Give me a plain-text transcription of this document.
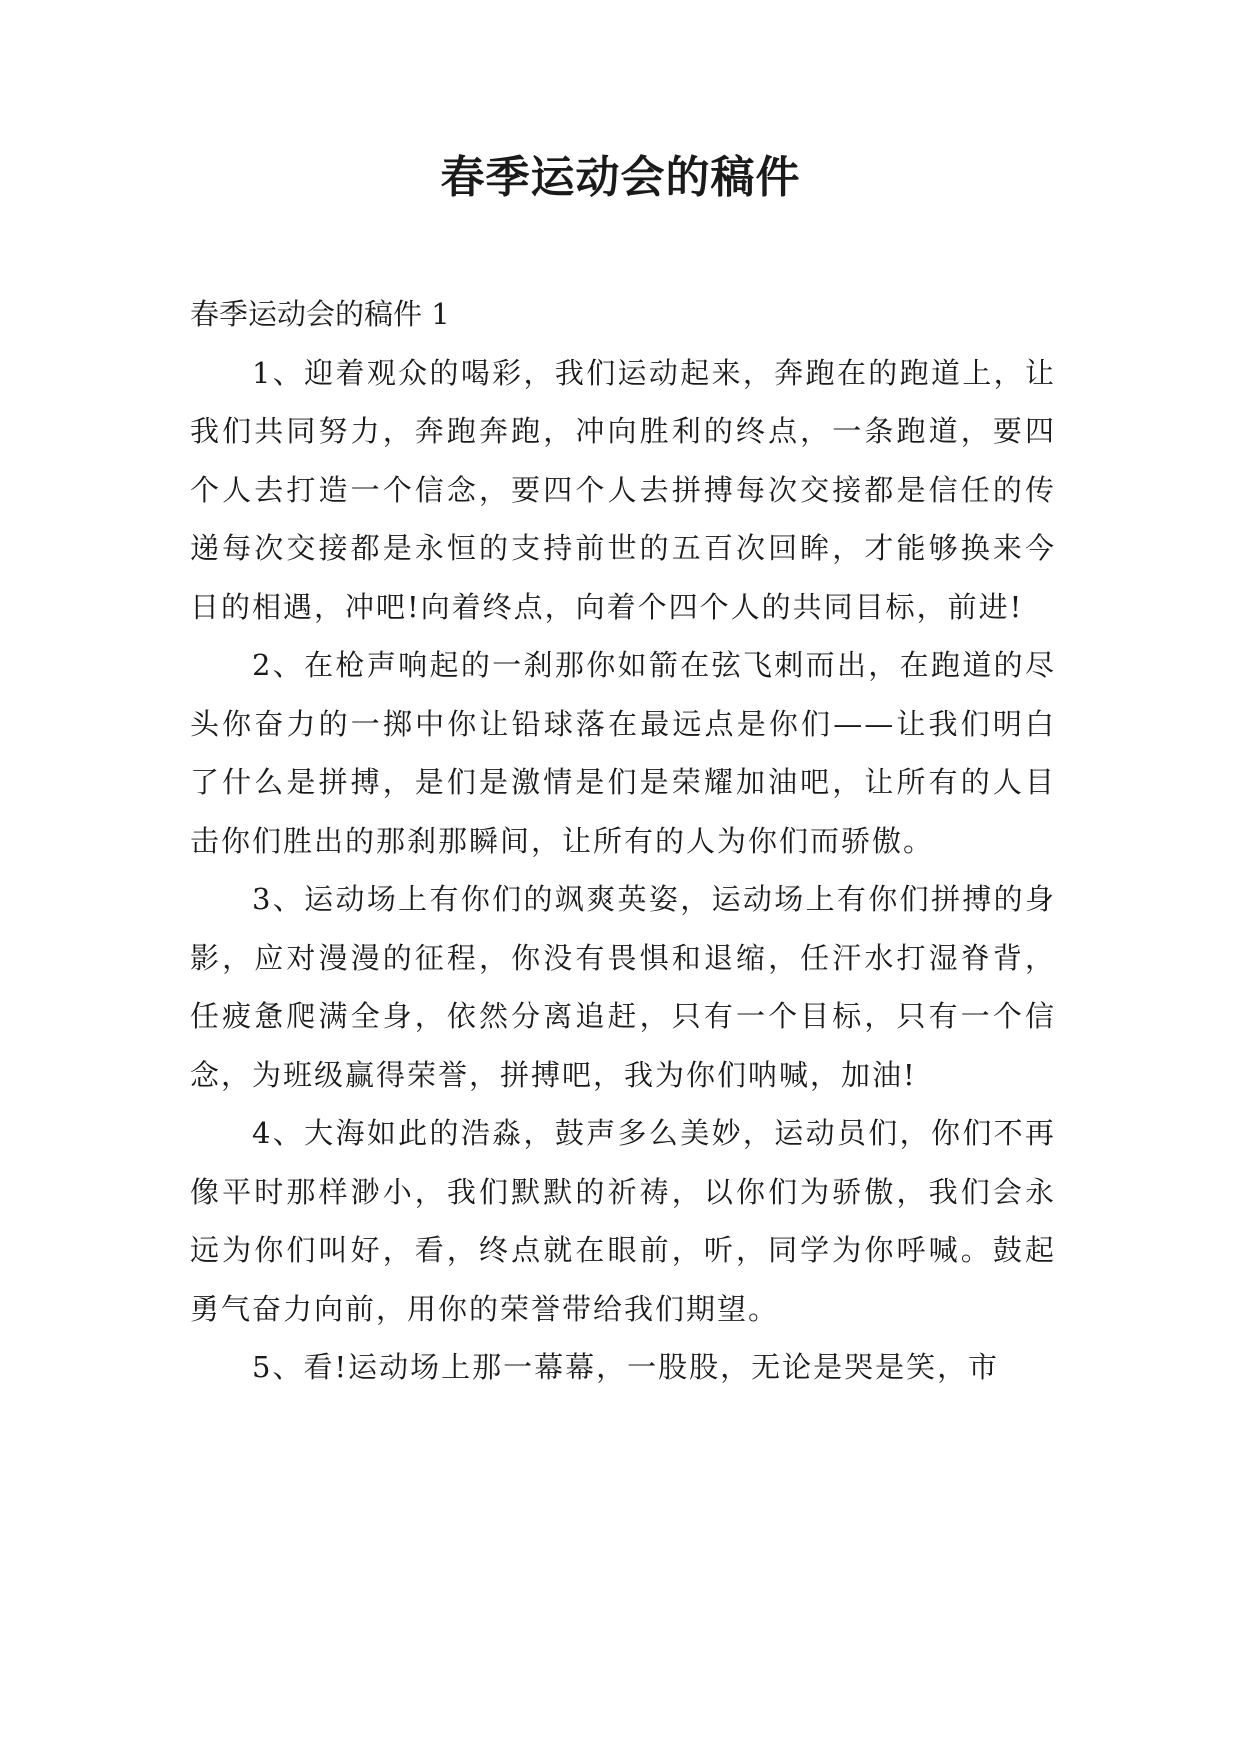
春季运动会的稿件

春季运动会的稿件 1

1、迎着观众的喝彩，我们运动起来，奔跑在的跑道上，让我们共同努力，奔跑奔跑，冲向胜利的终点，一条跑道，要四个人去打造一个信念，要四个人去拼搏每次交接都是信任的传递每次交接都是永恒的支持前世的五百次回眸，才能够换来今日的相遇，冲吧!向着终点，向着个四个人的共同目标，前进!

2、在枪声响起的一刹那你如箭在弦飞刺而出，在跑道的尽头你奋力的一掷中你让铅球落在最远点是你们——让我们明白了什么是拼搏，是们是激情是们是荣耀加油吧，让所有的人目击你们胜出的那刹那瞬间，让所有的人为你们而骄傲。

3、运动场上有你们的飒爽英姿，运动场上有你们拼搏的身影，应对漫漫的征程，你没有畏惧和退缩，任汗水打湿脊背，任疲惫爬满全身，依然分离追赶，只有一个目标，只有一个信念，为班级赢得荣誉，拼搏吧，我为你们呐喊，加油!

4、大海如此的浩淼，鼓声多么美妙，运动员们，你们不再像平时那样渺小，我们默默的祈祷，以你们为骄傲，我们会永远为你们叫好，看，终点就在眼前，听，同学为你呼喊。鼓起勇气奋力向前，用你的荣誉带给我们期望。

5、看!运动场上那一幕幕，一股股，无论是哭是笑，市
